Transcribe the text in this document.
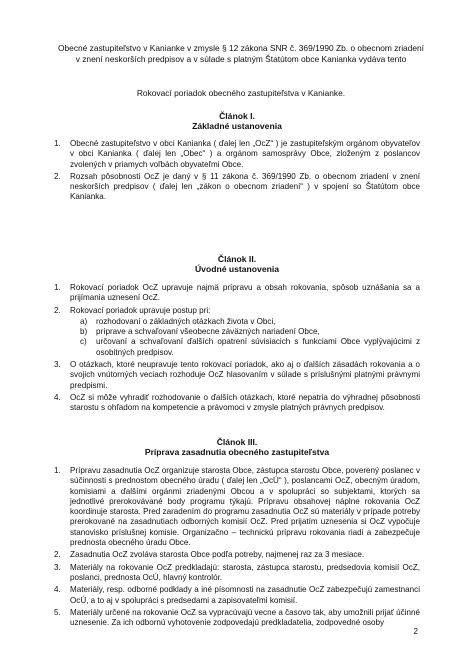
Obecné zastupiteľstvo v Kanianke v zmysle § 12 zákona SNR č. 369/1990 Zb. o obecnom zriadení v znení neskorších predpisov a v súlade s platným Štatútom obce Kanianka vydáva tento

Rokovací poriadok obecného zastupiteľstva v Kanianke.

Článok I.

Základné ustanovenia

1. Obecné zastupiteľstvo v obci Kanianka ( ďalej len „OcZ“ ) je zastupiteľským orgánom obyvateľov v obci Kanianka ( ďalej len „Obec“ ) a orgánom samosprávy Obce, zloženým z poslancov zvolených v priamych voľbách obyvateľmi Obce.
2. Rozsah pôsobnosti OcZ je daný v § 11 zákona č. 369/1990 Zb. o obecnom zriadení v znení neskorších predpisov ( ďalej len „zákon o obecnom zriadení“ ) v spojení so Štatútom obce Kanianka.

Článok II.

Úvodné ustanovenia

1. Rokovací poriadok OcZ upravuje najmä prípravu a obsah rokovania, spôsob uznášania sa a prijímania uznesení OcZ.
2. Rokovací poriadok upravuje postup pri:
a) rozhodovaní o základných otázkach života v Obci,
b) príprave a schvaľovaní všeobecne záväzných nariadení Obce,
c) určovaní a schvaľovaní ďalších opatrení súvisiacich s funkciami Obce vyplývajúcimi z osobitných predpisov.
3. O otázkach, ktoré neupravuje tento rokovací poriadok, ako aj o ďalších zásadách rokovania a o svojich vnútorných veciach rozhoduje OcZ hlasovaním v súlade s príslušnými platnými právnymi predpismi.
4. OcZ si môže vyhradiť rozhodovanie o ďalších otázkach, ktoré nepatria do výhradnej pôsobnosti starostu s ohľadom na kompetencie a právomoci v zmysle platných právnych predpisov.

Článok III.

Príprava zasadnutia obecného zastupiteľstva

1. Prípravu zasadnutia OcZ organizuje starosta Obce, zástupca starostu Obce, poverený poslanec v súčinnosti s prednostom obecného úradu ( ďalej len „OcÚ“ ), poslancami OcZ, obecným úradom, komisiami a ďalšími orgánmi zriadenými Obcou a v spolupráci so subjektami, ktorých sa jednotlivé prerokovávané body programu týkajú. Prípravu obsahovej náplne rokovania OcZ koordinuje starosta. Pred zaradením do programu zasadnutia OcZ sú materiály v prípade potreby prerokované na zasadnutiach odborných komisií OcZ. Pred prijatím uznesenia si OcZ vypočuje stanovisko príslušnej komisie. Organizačno – technickú prípravu rokovania riadi a zabezpečuje prednosta obecného úradu Obce.
2. Zasadnutia OcZ zvoláva starosta Obce podľa potreby, najmenej raz za 3 mesiace.
3. Materiály na rokovanie OcZ predkladajú: starosta, zástupca starostu, predsedovia komisií OcZ, poslanci, prednosta OcÚ, hlavný kontrolór.
4. Materiály, resp. odborné podklady a iné písomnosti na zasadnutie OcZ zabezpečujú zamestnanci OcÚ, a to aj v spolupráci s predsedami a zapisovateľmi komisií.
5. Materiály určené na rokovanie OcZ sa vypracúvajú vecne a časovo tak, aby umožnili prijať účinné uznesenie. Za ich odbornú vyhotovenie zodpovedajú predkladatelia, zodpovedné osoby
2
